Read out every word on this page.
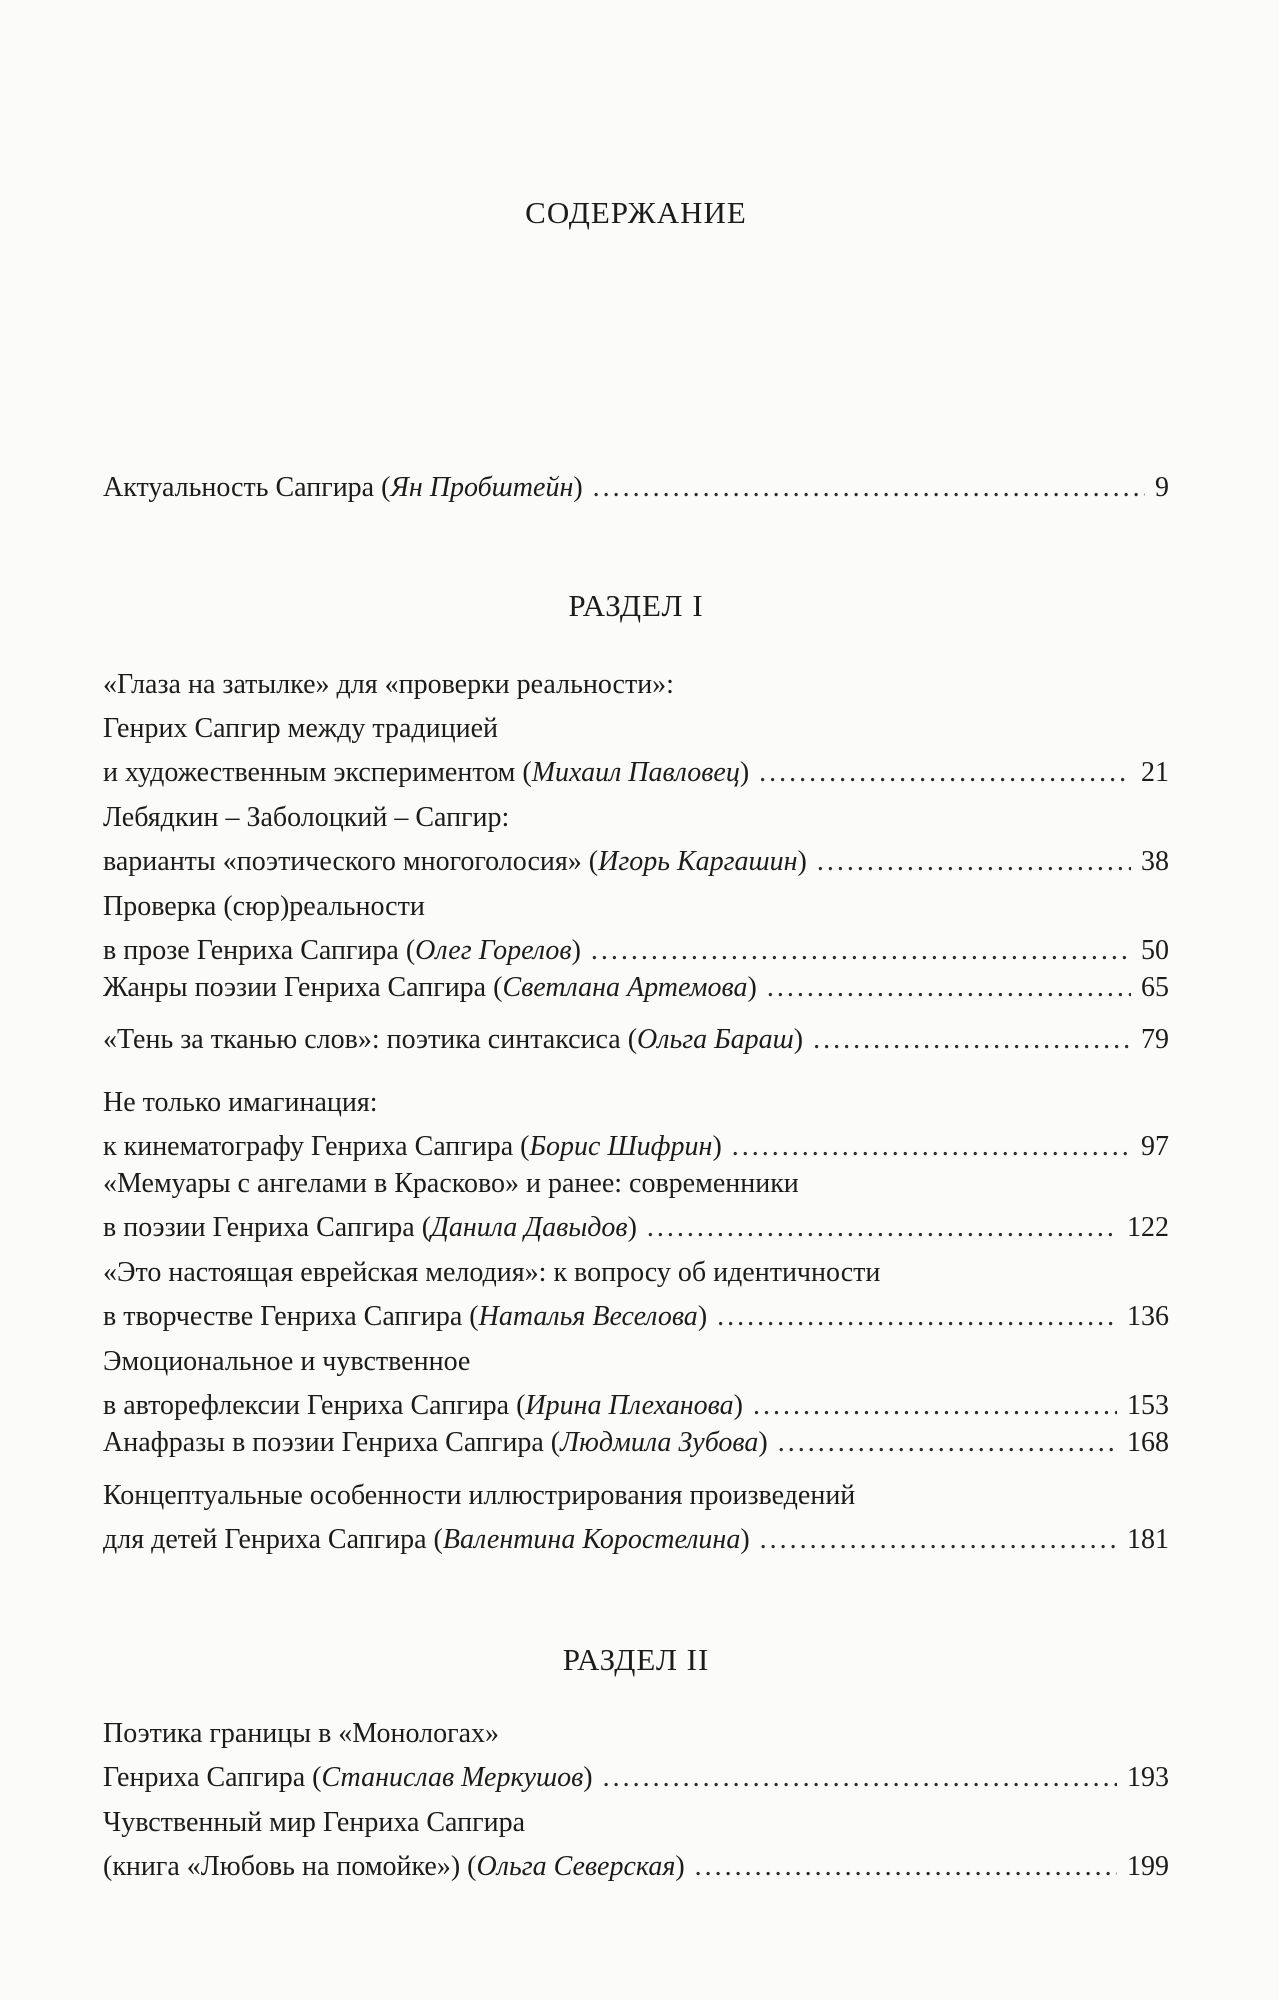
СОДЕРЖАНИЕ
Актуальность Сапгира (Ян Пробштейн) . . .	9
РАЗДЕЛ I
«Глаза на затылке» для «проверки реальности»:
Генрих Сапгир между традицией
и художественным экспериментом (Михаил Павловец) . . .	21
Лебядкин – Заболоцкий – Сапгир:
варианты «поэтического многоголосия» (Игорь Каргашин) . . .	38
Проверка (сюр)реальности
в прозе Генриха Сапгира (Олег Горелов) . . .	50
Жанры поэзии Генриха Сапгира (Светлана Артемова) . . .	65
«Тень за тканью слов»: поэтика синтаксиса (Ольга Бараш) . . .	79
Не только имагинация:
к кинематографу Генриха Сапгира (Борис Шифрин) . . .	97
«Мемуары с ангелами в Красково» и ранее: современники
в поэзии Генриха Сапгира (Данила Давыдов) . . .	122
«Это настоящая еврейская мелодия»: к вопросу об идентичности
в творчестве Генриха Сапгира (Наталья Веселова) . . .	136
Эмоциональное и чувственное
в авторефлексии Генриха Сапгира (Ирина Плеханова) . . .	153
Анафразы в поэзии Генриха Сапгира (Людмила Зубова) . . .	168
Концептуальные особенности иллюстрирования произведений
для детей Генриха Сапгира (Валентина Коростелина) . . .	181
РАЗДЕЛ II
Поэтика границы в «Монологах»
Генриха Сапгира (Станислав Меркушов) . . .	193
Чувственный мир Генриха Сапгира
(книга «Любовь на помойке») (Ольга Северская) . . .	199
